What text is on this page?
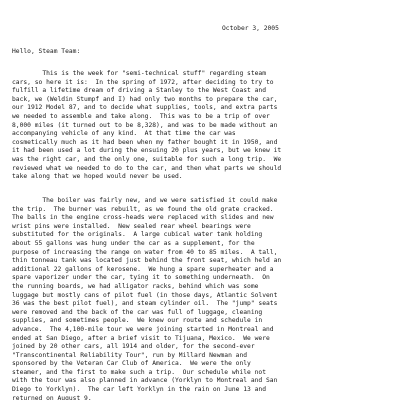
October 3, 2005
Hello, Steam Team:
This is the week for "semi-technical stuff" regarding steam
cars, so here it is:  In the spring of 1972, after deciding to try to
fulfill a lifetime dream of driving a Stanley to the West Coast and
back, we (Weldin Stumpf and I) had only two months to prepare the car,
our 1912 Model 87, and to decide what supplies, tools, and extra parts
we needed to assemble and take along.  This was to be a trip of over
8,000 miles (it turned out to be 8,328), and was to be made without an
accompanying vehicle of any kind.  At that time the car was
cosmetically much as it had been when my father bought it in 1950, and
it had been used a lot during the ensuing 20 plus years, but we knew it
was the right car, and the only one, suitable for such a long trip.  We
reviewed what we needed to do to the car, and then what parts we should
take along that we hoped would never be used.
The boiler was fairly new, and we were satisfied it could make
the trip.  The burner was rebuilt, as we found the old grate cracked.
The balls in the engine cross-heads were replaced with slides and new
wrist pins were installed.  New sealed rear wheel bearings were
substituted for the originals.  A large cubical water tank holding
about 55 gallons was hung under the car as a supplement, for the
purpose of increasing the range on water from 40 to 85 miles.  A tall,
thin tonneau tank was located just behind the front seat, which held an
additional 22 gallons of kerosene.  We hung a spare superheater and a
spare vaporizer under the car, tying it to something underneath.  On
the running boards, we had alligator racks, behind which was some
luggage but mostly cans of pilot fuel (in those days, Atlantic Solvent
36 was the best pilot fuel), and steam cylinder oil.  The "jump" seats
were removed and the back of the car was full of luggage, cleaning
supplies, and sometimes people.  We knew our route and schedule in
advance.  The 4,100-mile tour we were joining started in Montreal and
ended at San Diego, after a brief visit to Tijuana, Mexico.  We were
joined by 20 other cars, all 1914 and older, for the second-ever
"Transcontinental Reliability Tour", run by Millard Newman and
sponsored by the Veteran Car Club of America.  We were the only
steamer, and the first to make such a trip.  Our schedule while not
with the tour was also planned in advance (Yorklyn to Montreal and San
Diego to Yorklyn).  The car left Yorklyn in the rain on June 13 and
returned on August 9.
